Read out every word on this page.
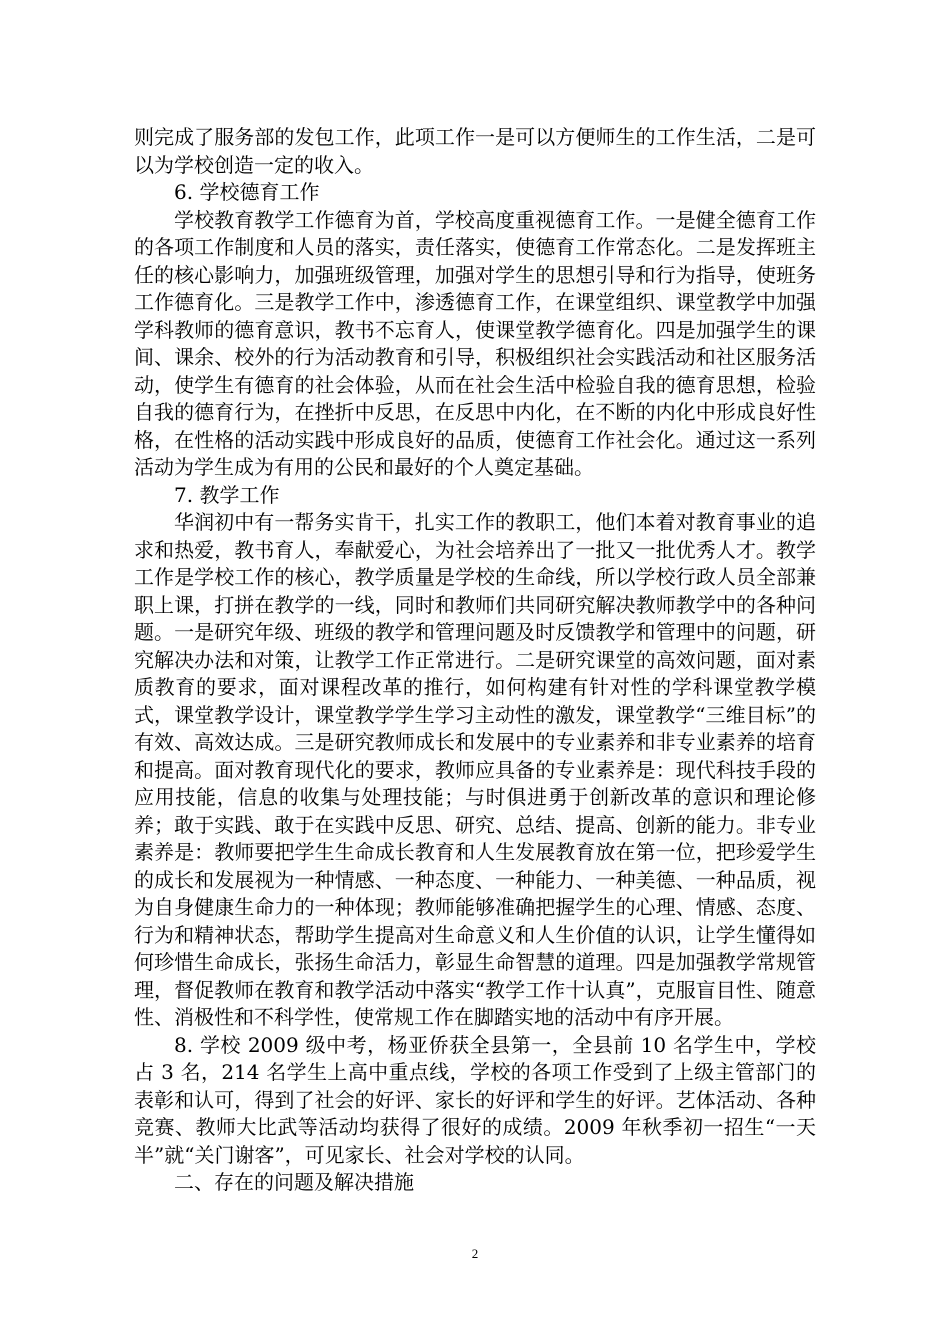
则完成了服务部的发包工作，此项工作一是可以方便师生的工作生活，二是可以为学校创造一定的收入。

6. 学校德育工作

学校教育教学工作德育为首，学校高度重视德育工作。一是健全德育工作的各项工作制度和人员的落实，责任落实，使德育工作常态化。二是发挥班主任的核心影响力，加强班级管理，加强对学生的思想引导和行为指导，使班务工作德育化。三是教学工作中，渗透德育工作，在课堂组织、课堂教学中加强学科教师的德育意识，教书不忘育人，使课堂教学德育化。四是加强学生的课间、课余、校外的行为活动教育和引导，积极组织社会实践活动和社区服务活动，使学生有德育的社会体验，从而在社会生活中检验自我的德育思想，检验自我的德育行为，在挫折中反思，在反思中内化，在不断的内化中形成良好性格，在性格的活动实践中形成良好的品质，使德育工作社会化。通过这一系列活动为学生成为有用的公民和最好的个人奠定基础。

7. 教学工作

华润初中有一帮务实肯干，扎实工作的教职工，他们本着对教育事业的追求和热爱，教书育人，奉献爱心，为社会培养出了一批又一批优秀人才。教学工作是学校工作的核心，教学质量是学校的生命线，所以学校行政人员全部兼职上课，打拼在教学的一线，同时和教师们共同研究解决教师教学中的各种问题。一是研究年级、班级的教学和管理问题及时反馈教学和管理中的问题，研究解决办法和对策，让教学工作正常进行。二是研究课堂的高效问题，面对素质教育的要求，面对课程改革的推行，如何构建有针对性的学科课堂教学模式，课堂教学设计，课堂教学学生学习主动性的激发，课堂教学“三维目标”的有效、高效达成。三是研究教师成长和发展中的专业素养和非专业素养的培育和提高。面对教育现代化的要求，教师应具备的专业素养是：现代科技手段的应用技能，信息的收集与处理技能；与时俱进勇于创新改革的意识和理论修养；敢于实践、敢于在实践中反思、研究、总结、提高、创新的能力。非专业素养是：教师要把学生生命成长教育和人生发展教育放在第一位，把珍爱学生的成长和发展视为一种情感、一种态度、一种能力、一种美德、一种品质，视为自身健康生命力的一种体现；教师能够准确把握学生的心理、情感、态度、行为和精神状态，帮助学生提高对生命意义和人生价值的认识，让学生懂得如何珍惜生命成长，张扬生命活力，彰显生命智慧的道理。四是加强教学常规管理，督促教师在教育和教学活动中落实“教学工作十认真”，克服盲目性、随意性、消极性和不科学性，使常规工作在脚踏实地的活动中有序开展。

8. 学校 2009 级中考，杨亚侨获全县第一，全县前 10 名学生中，学校占 3 名，214 名学生上高中重点线，学校的各项工作受到了上级主管部门的表彰和认可，得到了社会的好评、家长的好评和学生的好评。艺体活动、各种竞赛、教师大比武等活动均获得了很好的成绩。2009 年秋季初一招生“一天半”就“关门谢客”，可见家长、社会对学校的认同。

二、存在的问题及解决措施

2
